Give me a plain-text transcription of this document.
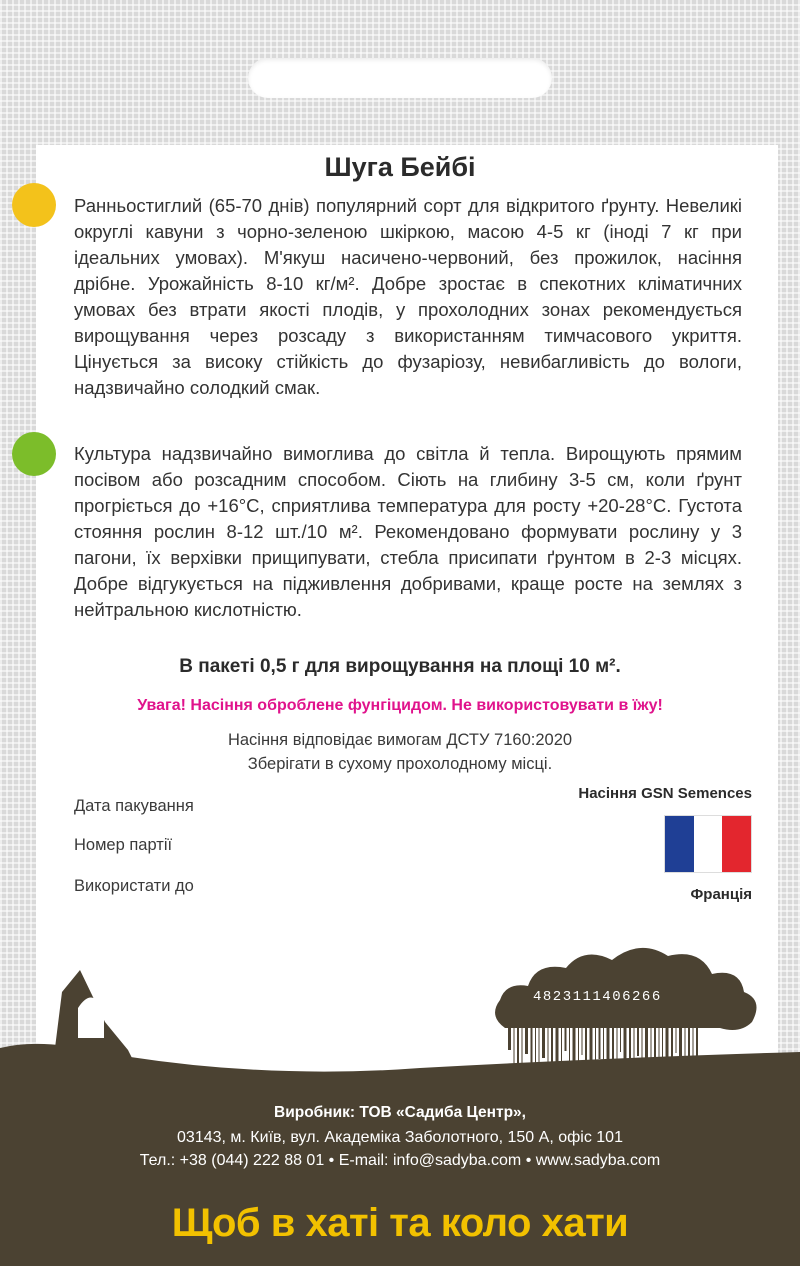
Шуга Бейбі
Ранньостиглий (65-70 днів) популярний сорт для відкритого ґрунту. Невеликі округлі кавуни з чорно-зеленою шкіркою, масою 4-5 кг (іноді 7 кг при ідеальних умовах). М'якуш насичено-червоний, без прожилок, насіння дрібне. Урожайність 8-10 кг/м². Добре зростає в спекотних кліматичних умовах без втрати якості плодів, у прохолодних зонах рекомендується вирощування через розсаду з використанням тимчасового укриття. Цінується за високу стійкість до фузаріозу, невибагливість до вологи, надзвичайно солодкий смак.
Культура надзвичайно вимоглива до світла й тепла. Вирощують прямим посівом або розсадним способом. Сіють на глибину 3-5 см, коли ґрунт прогріється до +16°С, сприятлива температура для росту +20-28°С. Густота стояння рослин 8-12 шт./10 м². Рекомендовано формувати рослину у 3 пагони, їх верхівки прищипувати, стебла присипати ґрунтом в 2-3 місцях. Добре відгукується на підживлення добривами, краще росте на землях з нейтральною кислотністю.
В пакеті 0,5 г для вирощування на площі 10 м².
Увага! Насіння оброблене фунгіцидом. Не використовувати в їжу!
Насіння відповідає вимогам ДСТУ 7160:2020
Зберігати в сухому прохолодному місці.
Дата пакування
Номер партії
Використати до
Насіння GSN Semences
Франція
4823111406266
Виробник: ТОВ «Садиба Центр»,
03143, м. Київ, вул. Академіка Заболотного, 150 А, офіс 101
Тел.: +38 (044) 222 88 01 • E-mail: info@sadyba.com • www.sadyba.com
Щоб в хаті та коло хати
